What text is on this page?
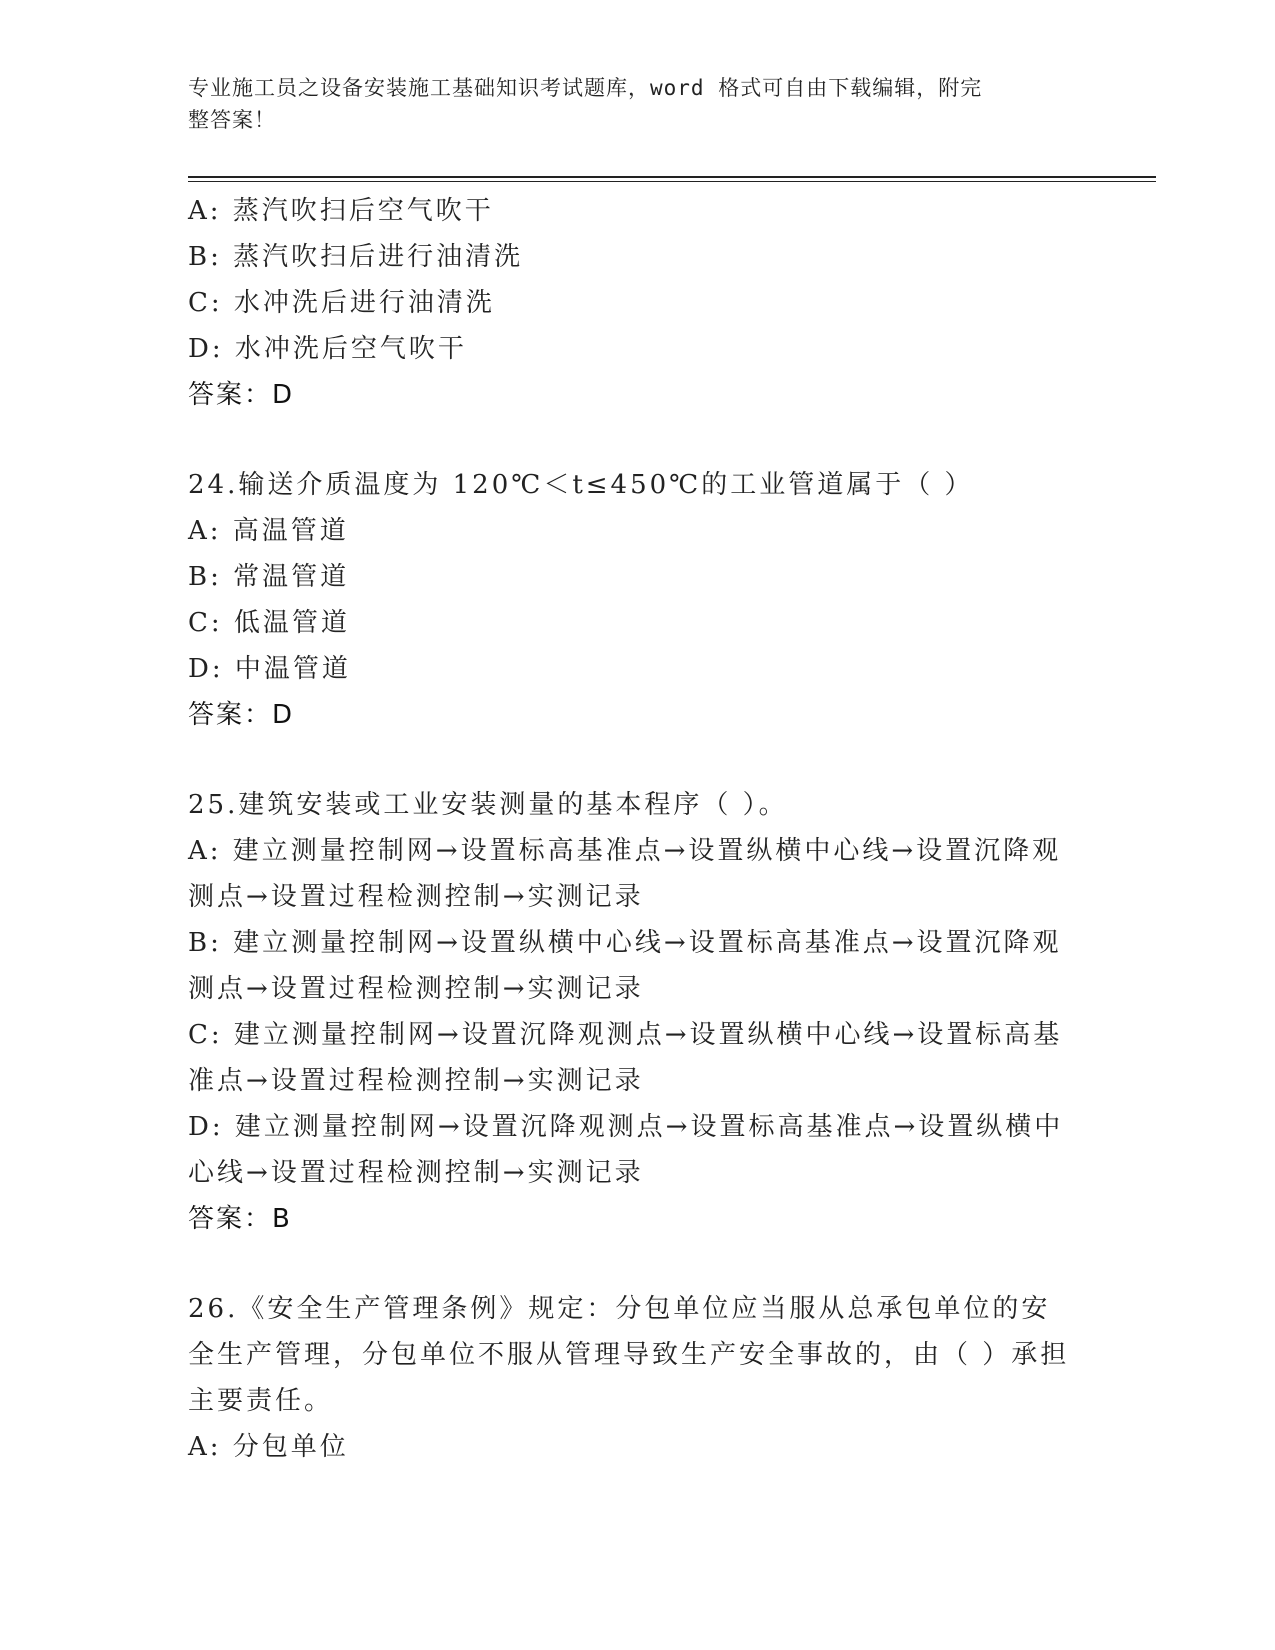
专业施工员之设备安装施工基础知识考试题库，word 格式可自由下载编辑，附完
整答案！
A: 蒸汽吹扫后空气吹干
B: 蒸汽吹扫后进行油清洗
C: 水冲洗后进行油清洗
D: 水冲洗后空气吹干
答案：D
24.输送介质温度为 120℃＜t≤450℃的工业管道属于（ ）
A: 高温管道
B: 常温管道
C: 低温管道
D: 中温管道
答案：D
25.建筑安装或工业安装测量的基本程序（ ）。
A: 建立测量控制网→设置标高基准点→设置纵横中心线→设置沉降观测点→设置过程检测控制→实测记录
B: 建立测量控制网→设置纵横中心线→设置标高基准点→设置沉降观测点→设置过程检测控制→实测记录
C: 建立测量控制网→设置沉降观测点→设置纵横中心线→设置标高基准点→设置过程检测控制→实测记录
D: 建立测量控制网→设置沉降观测点→设置标高基准点→设置纵横中心线→设置过程检测控制→实测记录
答案：B
26.《安全生产管理条例》规定：分包单位应当服从总承包单位的安全生产管理，分包单位不服从管理导致生产安全事故的，由（ ）承担主要责任。
A: 分包单位
